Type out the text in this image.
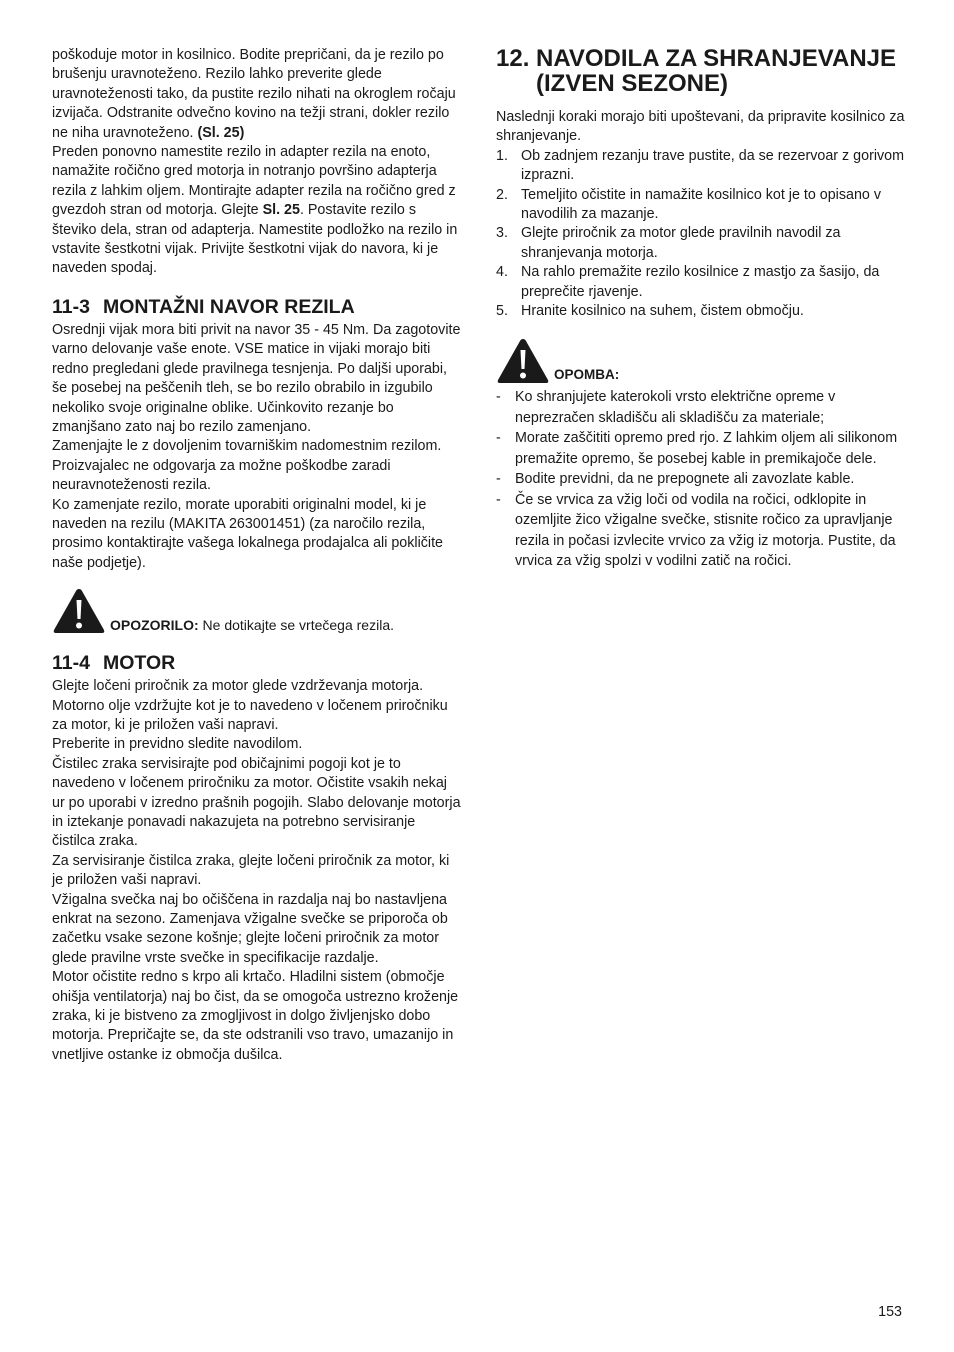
poškoduje motor in kosilnico. Bodite prepričani, da je rezilo po brušenju uravnoteženo. Rezilo lahko preverite glede uravnoteženosti tako, da pustite rezilo nihati na okroglem ročaju izvijača. Odstranite odvečno kovino na težji strani, dokler rezilo ne niha uravnoteženo. (Sl. 25)

Preden ponovno namestite rezilo in adapter rezila na enoto, namažite ročično gred motorja in notranjo površino adapterja rezila z lahkim oljem. Montirajte adapter rezila na ročično gred z gvezdoh stran od motorja. Glejte Sl. 25. Postavite rezilo s števiko dela, stran od adapterja. Namestite podložko na rezilo in vstavite šestkotni vijak. Privijte šestkotni vijak do navora, ki je naveden spodaj.

11-3 MONTAŽNI NAVOR REZILA

Osrednji vijak mora biti privit na navor 35 - 45 Nm. Da zagotovite varno delovanje vaše enote. VSE matice in vijaki morajo biti redno pregledani glede pravilnega tesnjenja. Po daljši uporabi, še posebej na peščenih tleh, se bo rezilo obrabilo in izgubilo nekoliko svoje originalne oblike. Učinkovito rezanje bo zmanjšano zato naj bo rezilo zamenjano.

Zamenjajte le z dovoljenim tovarniškim nadomestnim rezilom. Proizvajalec ne odgovarja za možne poškodbe zaradi neuravnoteženosti rezila.

Ko zamenjate rezilo, morate uporabiti originalni model, ki je naveden na rezilu (MAKITA 263001451) (za naročilo rezila, prosimo kontaktirajte vašega lokalnega prodajalca ali pokličite naše podjetje).

OPOZORILO: Ne dotikajte se vrtečega rezila.
11-4 MOTOR

Glejte ločeni priročnik za motor glede vzdrževanja motorja.

Motorno olje vzdržujte kot je to navedeno v ločenem priročniku za motor, ki je priložen vaši napravi.

Preberite in previdno sledite navodilom.

Čistilec zraka servisirajte pod običajnimi pogoji kot je to navedeno v ločenem priročniku za motor. Očistite vsakih nekaj ur po uporabi v izredno prašnih pogojih. Slabo delovanje motorja in iztekanje ponavadi nakazujeta na potrebno servisiranje čistilca zraka.

Za servisiranje čistilca zraka, glejte ločeni priročnik za motor, ki je priložen vaši napravi.

Vžigalna svečka naj bo očiščena in razdalja naj bo nastavljena enkrat na sezono. Zamenjava vžigalne svečke se priporoča ob začetku vsake sezone košnje; glejte ločeni priročnik za motor glede pravilne vrste svečke in specifikacije razdalje.

Motor očistite redno s krpo ali krtačo. Hladilni sistem (območje ohišja ventilatorja) naj bo čist, da se omogoča ustrezno kroženje zraka, ki je bistveno za zmogljivost in dolgo življenjsko dobo motorja. Prepričajte se, da ste odstranili vso travo, umazanijo in vnetljive ostanke iz območja dušilca.

12. NAVODILA ZA SHRANJEVANJE (IZVEN SEZONE)

Naslednji koraki morajo biti upoštevani, da pripravite kosilnico za shranjevanje.

1. Ob zadnjem rezanju trave pustite, da se rezervoar z gorivom izprazni.
2. Temeljito očistite in namažite kosilnico kot je to opisano v navodilih za mazanje.
3. Glejte priročnik za motor glede pravilnih navodil za shranjevanja motorja.
4. Na rahlo premažite rezilo kosilnice z mastjo za šasijo, da preprečite rjavenje.
5. Hranite kosilnico na suhem, čistem območju.
OPOMBA:
- Ko shranjujete katerokoli vrsto električne opreme v neprezračen skladišču ali skladišču za materiale;
- Morate zaščititi opremo pred rjo. Z lahkim oljem ali silikonom premažite opremo, še posebej kable in premikajoče dele.
- Bodite previdni, da ne prepognete ali zavozlate kable.
- Če se vrvica za vžig loči od vodila na ročici, odklopite in ozemljite žico vžigalne svečke, stisnite ročico za upravljanje rezila in počasi izvlecite vrvico za vžig iz motorja. Pustite, da vrvica za vžig spolzi v vodilni zatič na ročici.
153
